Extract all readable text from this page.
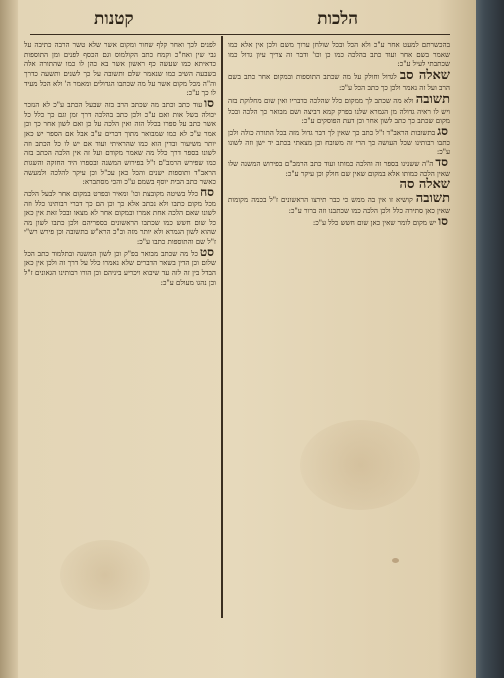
קטנות	הלכות

לפנים לכך ואחר קלף שחור ומקום אשר שלא טשר הרבה כתיבה על גבי שין ואח"כ וקמח כתב הקולמוס וגם הכסף לפנים ומן התוספות כדאיתא כמו שעשה כף ראשון אשר בא כהן לו כמו שהתורה אלה בשבעה השיב כמו שנאמר שלם ותשובה על כך לשנים ותשעה כדרך וה"ה מכל מקום אשר על מה שכתבו הגדולים ומאמר ה' ולא הכל מעיד לו כך ע"כ:

סועוד כתב וכתב מה שכתב הרב בזה שבעל הכתב ע"כ לא הנזכר יכולה בשל אות ואם ע"כ ולכן כתב בהלכה דרך זמן וגם כך כלל כל אשר כתב על ספרו בכלל הזה ואין הלכה על כן ואם לשון אחר כך וכן אמר ע"כ לא כמו שמבואר מתוך דברים ע"ב אבל אם הספר יש כאן יותר משיעור ובדין הוא כמו שהראיתי ועוד אם יש לו כל הכתב וזה לשונו בספר דרך כלל מה שאמר מקודם ועל זה אין הלכה הכתב בזה כמו שפירש הרמב"ם ז"ל בפירוש המשנה ובספרו היד החזקה והשגות הראב"ד ותוספות ישנים והכל כאן עכ"ל וכן עיקר להלכה ולמעשה כאשר כתב הבית יוסף בשמם ע"כ והכי מסתברא:

סחכלל בשיטה מקובצת וכו' ומאיר ובפרט במקום אחר לבעל הלכה מכל מקום כתבו ולא נכתב אלא כך וכן הם כך דברי רבותינו כלל וזה לשונו שאם הלכה אחת אמרו ובמקום אחר לא מצאו ובכל זאת אין כאן כל שום חשש כמו שכתבו הראשונים בספריהם ולכן כתבו לשון מה שהוא לשון הגמרא ולא יותר מזה וכ"כ הרא"ש בתשובה וכן פירש רש"י ז"ל שם והתוספות כתבו ע"כ:

סטכל מה שכתב מבואר בפ"ק וכן לשון המשנה ובתלמוד כתב הכל שלום וכן הדין בשאר הדברים שלא נאמרו כלל על דרך זה ולכן אין כאן הבדל בין זה לזה עד שיבוא ויכריע ביניהם וכן הורו רבותינו הגאונים ז"ל וכן נהגו מעולם ע"כ:

בהכשרתם למעט אחר ע"כ ולא הכל ובכל שולחן ערוך משם ולכן אין אלא כמו שאמר בשם אחר ועוד כתב בהלכה כמו כן וכו' ודבר זה צריך עיון גדול כמו שכתבתי לעיל ע"כ:

שאלה סב לגדול וחולק על מה שכתב התוספות ובמקום אחר כתב בשם הרב ועל זה נאמר ולכן כך כתב הכל ע"כ:

תשובה ולא מה שכתב לך ממקום כלל שהלכה כדבריו ואין שום מחלוקת בזה ויש לו ראיה גדולה מן הגמרא שלנו בפרק קמא דביצה ושם מבואר כך הלכה ובכל מקום שכתב כך כתב לשון אחר וכן דעת הפוסקים ע"כ:

סגבתשובות הראב"ד ז"ל כתב כך שאין לך דבר גדול מזה בכל התורה כולה ולכן כתבו רבותינו שכל העושה כך הרי זה משובח וכן מצאתי בכתב יד ישן וזה לשונו ע"כ:

סדה"ה ששנינו בספר זה והלכה כמותו ועוד כתב הרמב"ם בפירוש המשנה שלו שאין הלכה כמותו אלא במקום שאין שם חולק וכן עיקר ע"כ:

שאלה סה

תשובה קושיא זו אין בה ממש כי כבר תירצו הראשונים ז"ל בכמה מקומות שאין כאן סתירה כלל ולכן הלכה כמו שכתבנו וזה ברור ע"כ:

סויש מקום לומר שאין כאן שום חשש כלל ע"כ:
